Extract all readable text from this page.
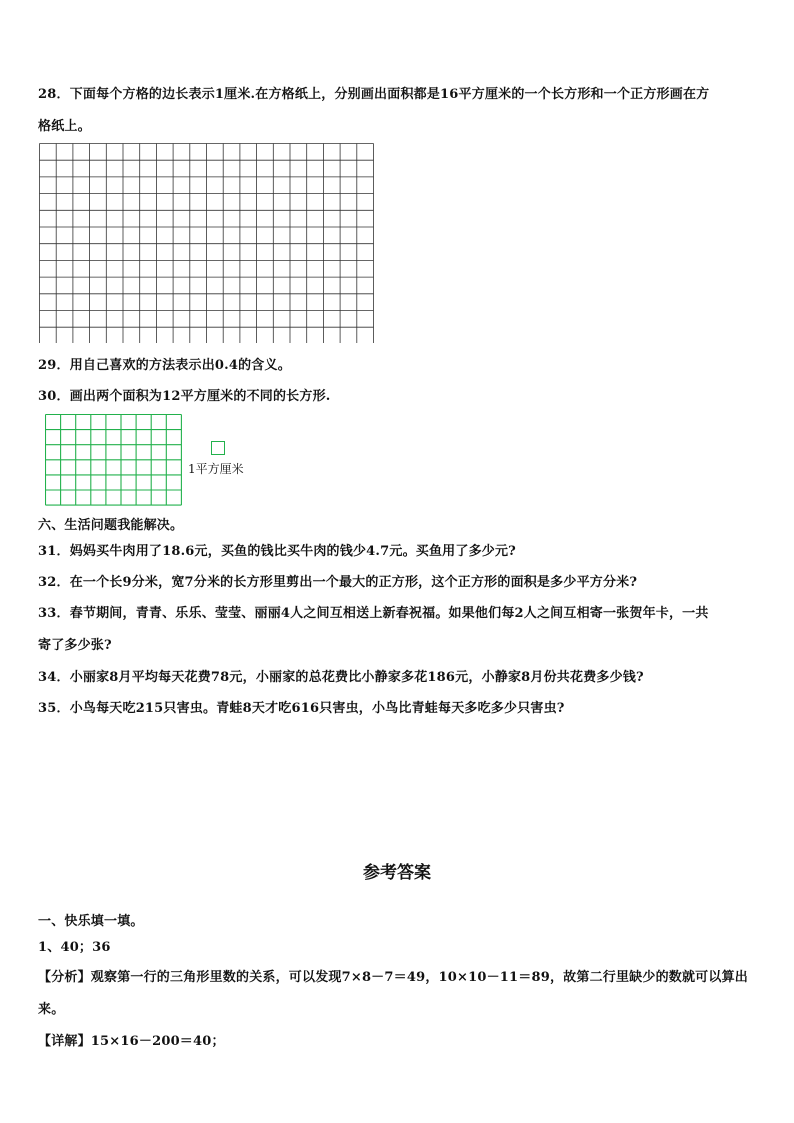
28．下面每个方格的边长表示1厘米.在方格纸上，分别画出面积都是16平方厘米的一个长方形和一个正方形画在方
格纸上。
29．用自己喜欢的方法表示出0.4的含义。
30．画出两个面积为12平方厘米的不同的长方形.
1平方厘米
六、生活问题我能解决。
31．妈妈买牛肉用了18.6元，买鱼的钱比买牛肉的钱少4.7元。买鱼用了多少元?
32．在一个长9分米，宽7分米的长方形里剪出一个最大的正方形，这个正方形的面积是多少平方分米?
33．春节期间，青青、乐乐、莹莹、丽丽4人之间互相送上新春祝福。如果他们每2人之间互相寄一张贺年卡，一共
寄了多少张?
34．小丽家8月平均每天花费78元，小丽家的总花费比小静家多花186元，小静家8月份共花费多少钱?
35．小鸟每天吃215只害虫。青蛙8天才吃616只害虫，小鸟比青蛙每天多吃多少只害虫?
参考答案
一、快乐填一填。
1、40；36
【分析】观察第一行的三角形里数的关系，可以发现7×8－7＝49，10×10－11＝89，故第二行里缺少的数就可以算出
来。
【详解】15×16－200＝40；
